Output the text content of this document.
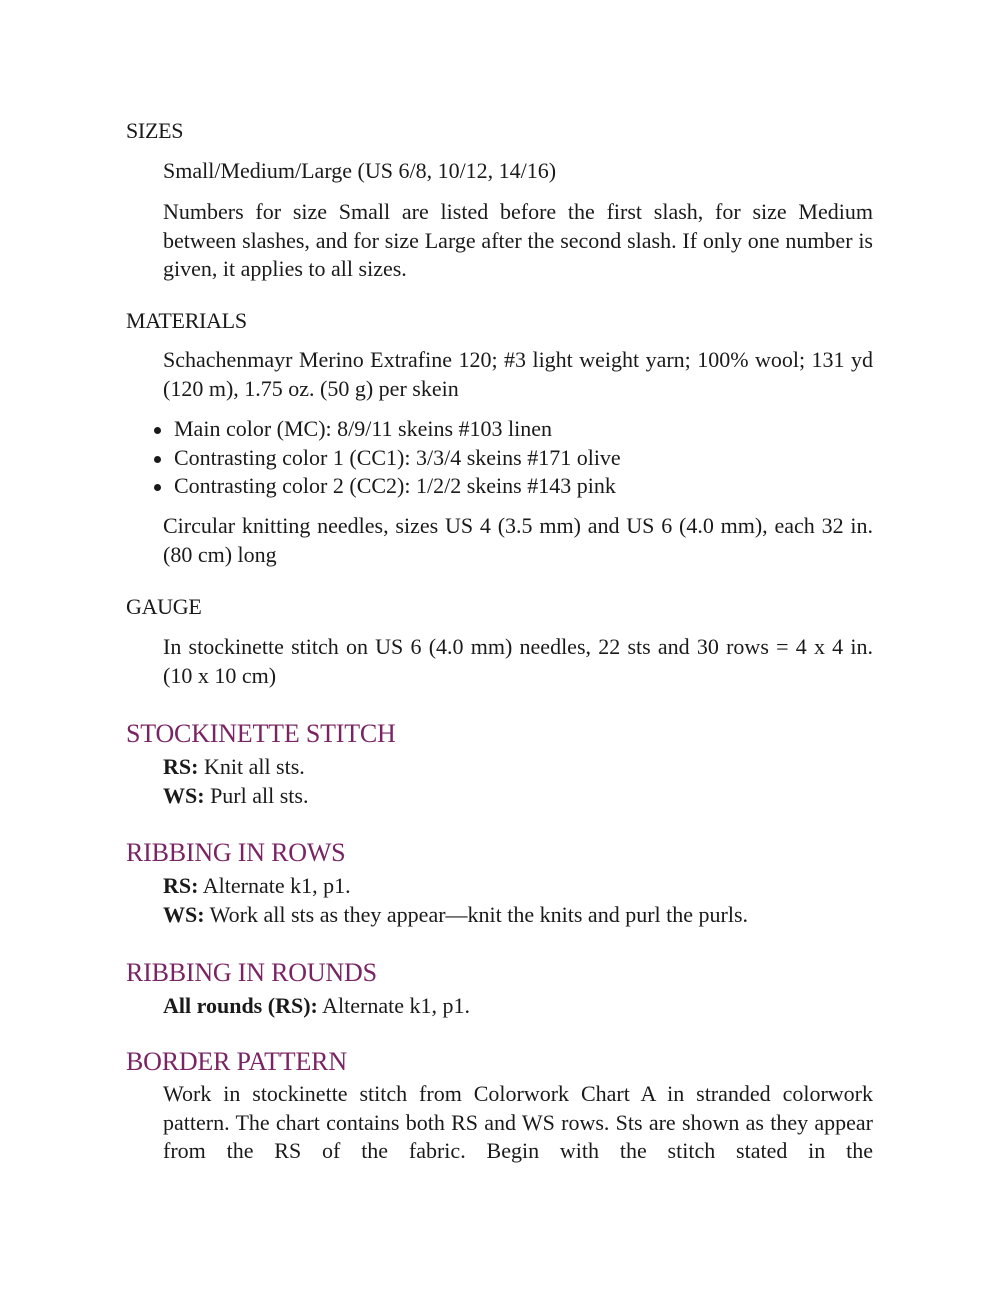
SIZES
Small/Medium/Large (US 6/8, 10/12, 14/16)
Numbers for size Small are listed before the first slash, for size Medium between slashes, and for size Large after the second slash. If only one number is given, it applies to all sizes.
MATERIALS
Schachenmayr Merino Extrafine 120; #3 light weight yarn; 100% wool; 131 yd (120 m), 1.75 oz. (50 g) per skein
Main color (MC): 8/9/11 skeins #103 linen
Contrasting color 1 (CC1): 3/3/4 skeins #171 olive
Contrasting color 2 (CC2): 1/2/2 skeins #143 pink
Circular knitting needles, sizes US 4 (3.5 mm) and US 6 (4.0 mm), each 32 in. (80 cm) long
GAUGE
In stockinette stitch on US 6 (4.0 mm) needles, 22 sts and 30 rows = 4 x 4 in. (10 x 10 cm)
STOCKINETTE STITCH
RS: Knit all sts.
WS: Purl all sts.
RIBBING IN ROWS
RS: Alternate k1, p1.
WS: Work all sts as they appear—knit the knits and purl the purls.
RIBBING IN ROUNDS
All rounds (RS): Alternate k1, p1.
BORDER PATTERN
Work in stockinette stitch from Colorwork Chart A in stranded colorwork pattern. The chart contains both RS and WS rows. Sts are shown as they appear from the RS of the fabric. Begin with the stitch stated in the
